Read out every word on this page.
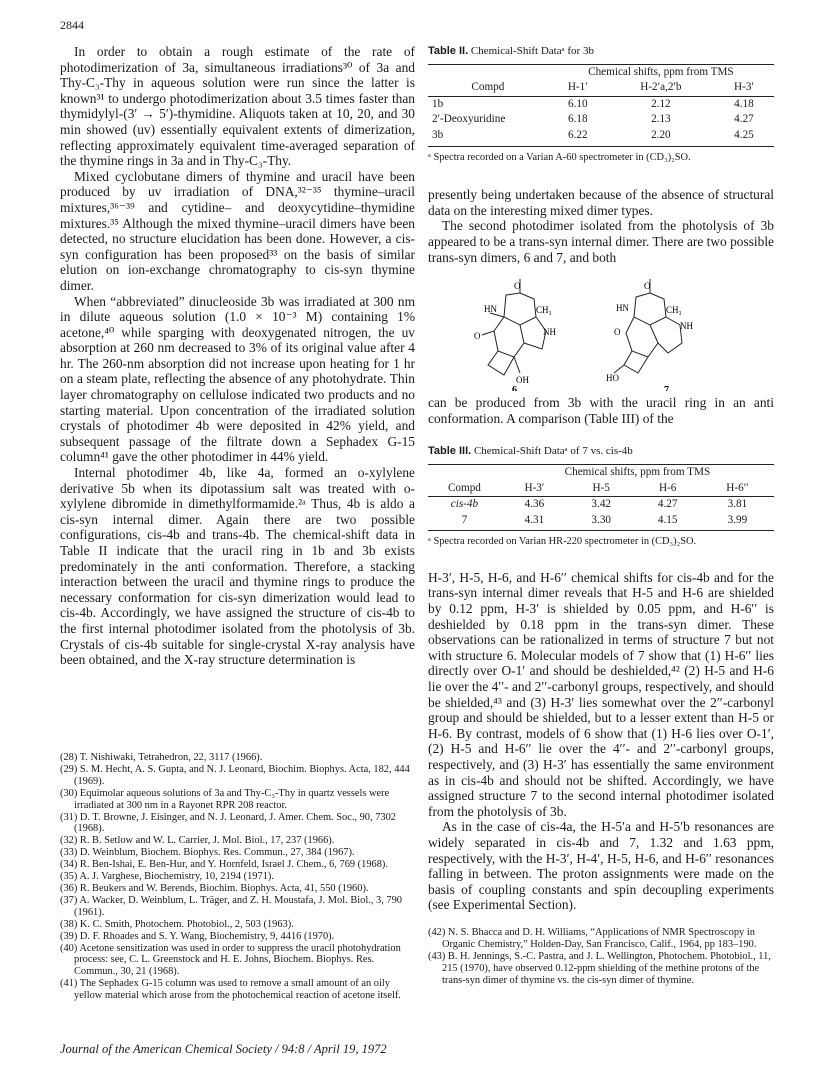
2844

In order to obtain a rough estimate of the rate of photodimerization of 3a, simultaneous irradiations³⁰ of 3a and Thy-C₃-Thy in aqueous solution were run since the latter is known³¹ to undergo photodimerization about 3.5 times faster than thymidylyl-(3′ → 5′)-thymidine. Aliquots taken at 10, 20, and 30 min showed (uv) essentially equivalent extents of dimerization, reflecting approximately equivalent time-averaged separation of the thymine rings in 3a and in Thy-C₃-Thy.

Mixed cyclobutane dimers of thymine and uracil have been produced by uv irradiation of DNA,³²⁻³⁵ thymine–uracil mixtures,³⁶⁻³⁹ and cytidine– and deoxycytidine–thymidine mixtures.³⁵ Although the mixed thymine–uracil dimers have been detected, no structure elucidation has been done. However, a cis-syn configuration has been proposed³³ on the basis of similar elution on ion-exchange chromatography to cis-syn thymine dimer.

When “abbreviated” dinucleoside 3b was irradiated at 300 nm in dilute aqueous solution (1.0 × 10⁻³ M) containing 1% acetone,⁴⁰ while sparging with deoxygenated nitrogen, the uv absorption at 260 nm decreased to 3% of its original value after 4 hr. The 260-nm absorption did not increase upon heating for 1 hr on a steam plate, reflecting the absence of any photohydrate. Thin layer chromatography on cellulose indicated two products and no starting material. Upon concentration of the irradiated solution crystals of photodimer 4b were deposited in 42% yield, and subsequent passage of the filtrate down a Sephadex G-15 column⁴¹ gave the other photodimer in 44% yield.

Internal photodimer 4b, like 4a, formed an o-xylylene derivative 5b when its dipotassium salt was treated with o-xylylene dibromide in dimethylformamide.²ᵃ Thus, 4b is aldo a cis-syn internal dimer. Again there are two possible configurations, cis-4b and trans-4b. The chemical-shift data in Table II indicate that the uracil ring in 1b and 3b exists predominately in the anti conformation. Therefore, a stacking interaction between the uracil and thymine rings to produce the necessary conformation for cis-syn dimerization would lead to cis-4b. Accordingly, we have assigned the structure of cis-4b to the first internal photodimer isolated from the photolysis of 3b. Crystals of cis-4b suitable for single-crystal X-ray analysis have been obtained, and the X-ray structure determination is

(28) T. Nishiwaki, Tetrahedron, 22, 3117 (1966).
(29) S. M. Hecht, A. S. Gupta, and N. J. Leonard, Biochim. Biophys. Acta, 182, 444 (1969).
(30) Equimolar aqueous solutions of 3a and Thy-C₃-Thy in quartz vessels were irradiated at 300 nm in a Rayonet RPR 208 reactor.
(31) D. T. Browne, J. Eisinger, and N. J. Leonard, J. Amer. Chem. Soc., 90, 7302 (1968).
(32) R. B. Setlow and W. L. Carrier, J. Mol. Biol., 17, 237 (1966).
(33) D. Weinblum, Biochem. Biophys. Res. Commun., 27, 384 (1967).
(34) R. Ben-Ishai, E. Ben-Hur, and Y. Hornfeld, Israel J. Chem., 6, 769 (1968).
(35) A. J. Varghese, Biochemistry, 10, 2194 (1971).
(36) R. Beukers and W. Berends, Biochim. Biophys. Acta, 41, 550 (1960).
(37) A. Wacker, D. Weinblum, L. Träger, and Z. H. Moustafa, J. Mol. Biol., 3, 790 (1961).
(38) K. C. Smith, Photochem. Photobiol., 2, 503 (1963).
(39) D. F. Rhoades and S. Y. Wang, Biochemistry, 9, 4416 (1970).
(40) Acetone sensitization was used in order to suppress the uracil photohydration process: see, C. L. Greenstock and H. E. Johns, Biochem. Biophys. Res. Commun., 30, 21 (1968).
(41) The Sephadex G-15 column was used to remove a small amount of an oily yellow material which arose from the photochemical reaction of acetone itself.
Table II. Chemical-Shift Dataᵃ for 3b
	Chemical shifts, ppm from TMS		
Compd	H-1′	H-2′a,2′b	H-3′
1b	6.10	2.12	4.18
2′-Deoxyuridine	6.18	2.13	4.27
3b	6.22	2.20	4.25
ᵃ Spectra recorded on a Varian A-60 spectrometer in (CD₃)₂SO.

presently being undertaken because of the absence of structural data on the interesting mixed dimer types.

The second photodimer isolated from the photolysis of 3b appeared to be a trans-syn internal dimer. There are two possible trans-syn dimers, 6 and 7, and both

O
HN	CH₃
NH
O
OH
6
O
HN	CH₃
NH
O
HO
7

can be produced from 3b with the uracil ring in an anti conformation. A comparison (Table III) of the

Table III. Chemical-Shift Dataᵃ of 7 vs. cis-4b
	Chemical shifts, ppm from TMS			
Compd	H-3′	H-5	H-6	H-6′′
cis-4b	4.36	3.42	4.27	3.81
7	4.31	3.30	4.15	3.99
ᵃ Spectra recorded on Varian HR-220 spectrometer in (CD₃)₂SO.

H-3′, H-5, H-6, and H-6′′ chemical shifts for cis-4b and for the trans-syn internal dimer reveals that H-5 and H-6 are shielded by 0.12 ppm, H-3′ is shielded by 0.05 ppm, and H-6′′ is deshielded by 0.18 ppm in the trans-syn dimer. These observations can be rationalized in terms of structure 7 but not with structure 6. Molecular models of 7 show that (1) H-6′′ lies directly over O-1′ and should be deshielded,⁴² (2) H-5 and H-6 lie over the 4′′- and 2′′-carbonyl groups, respectively, and should be shielded,⁴³ and (3) H-3′ lies somewhat over the 2′′-carbonyl group and should be shielded, but to a lesser extent than H-5 or H-6. By contrast, models of 6 show that (1) H-6 lies over O-1′, (2) H-5 and H-6′′ lie over the 4′′- and 2′′-carbonyl groups, respectively, and (3) H-3′ has essentially the same environment as in cis-4b and should not be shifted. Accordingly, we have assigned structure 7 to the second internal photodimer isolated from the photolysis of 3b.

As in the case of cis-4a, the H-5′a and H-5′b resonances are widely separated in cis-4b and 7, 1.32 and 1.63 ppm, respectively, with the H-3′, H-4′, H-5, H-6, and H-6′′ resonances falling in between. The proton assignments were made on the basis of coupling constants and spin decoupling experiments (see Experimental Section).

(42) N. S. Bhacca and D. H. Williams, “Applications of NMR Spectroscopy in Organic Chemistry,” Holden-Day, San Francisco, Calif., 1964, pp 183–190.
(43) B. H. Jennings, S.-C. Pastra, and J. L. Wellington, Photochem. Photobiol., 11, 215 (1970), have observed 0.12-ppm shielding of the methine protons of the trans-syn dimer of thymine vs. the cis-syn dimer of thymine.
Journal of the American Chemical Society / 94:8 / April 19, 1972
